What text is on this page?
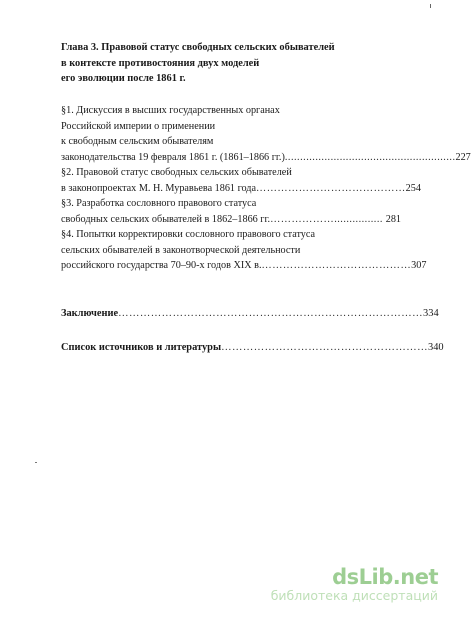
Глава 3. Правовой статус свободных сельских обывателей
в контексте противостояния двух моделей
его эволюции после 1861 г.
§1. Дискуссия в высших государственных органах
Российской империи о применении
к свободным сельским обывателям
законодательства 19 февраля 1861 г. (1861–1866 гг.) ........................................................ 227
§2. Правовой статус свободных сельских обывателей
в законопроектах М. Н. Муравьева 1861 года …………………………………… 254
§3. Разработка сословного правового статуса
свободных сельских обывателей в 1862–1866 гг. ………………................ 281
§4. Попытки корректировки сословного правового статуса
сельских обывателей в законотворческой деятельности
российского государства 70–90-х годов XIX в. …………………………………… 307
Заключение ………………………………………………………………………… 334
Список источников и литературы ………………………………………………… 340
dsLib.net
библиотека диссертаций
